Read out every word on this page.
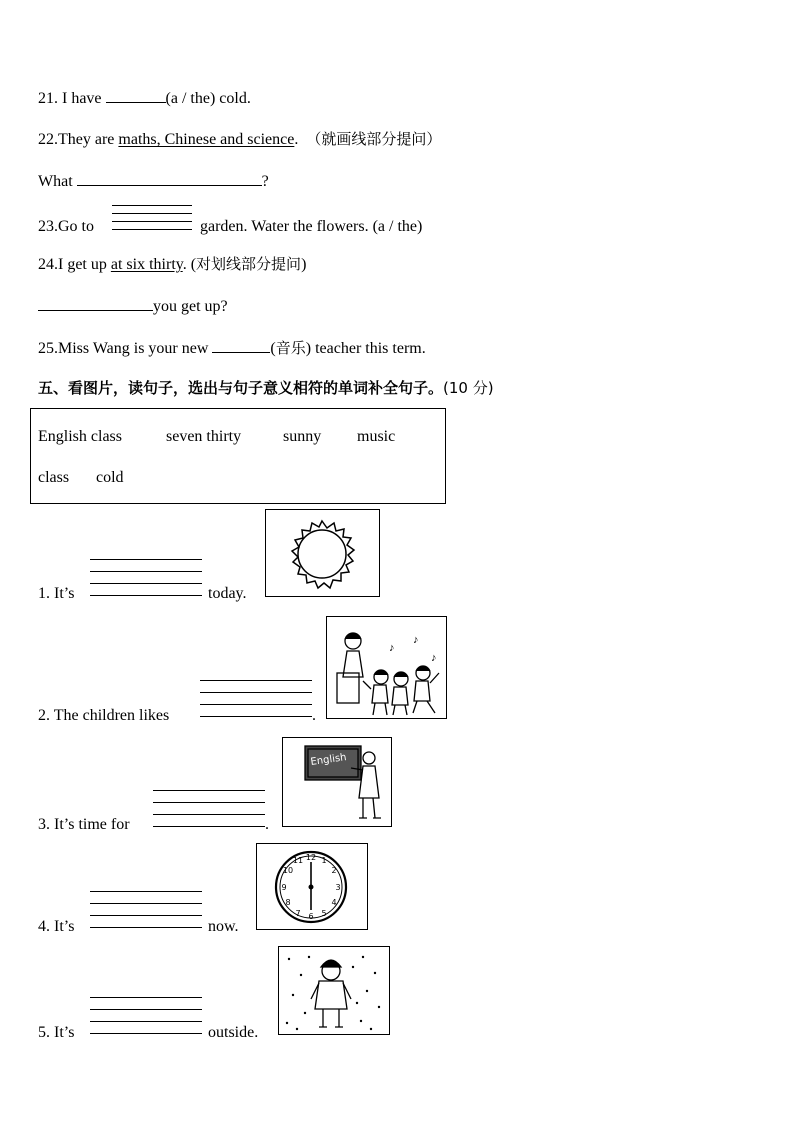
21. I have	(a / the) cold.
22.They are maths, Chinese and science. （就画线部分提问）
What	?
23.Go to	garden. Water the flowers. (a / the)
24.I get up at six thirty. (对划线部分提问)
you get up?
25.Miss Wang is your new	(音乐) teacher this term.
五、看图片，读句子，选出与句子意义相符的单词补全句子。(10 分)
English class	seven thirty	sunny music
class cold
1. It’s	today.
2. The children likes	.
♪
♪
♪
3. It’s time for	.
English
4. It’s	now.
12 1
2
3
4
5
6
7
8
9
10
11
5. It’s	outside.
